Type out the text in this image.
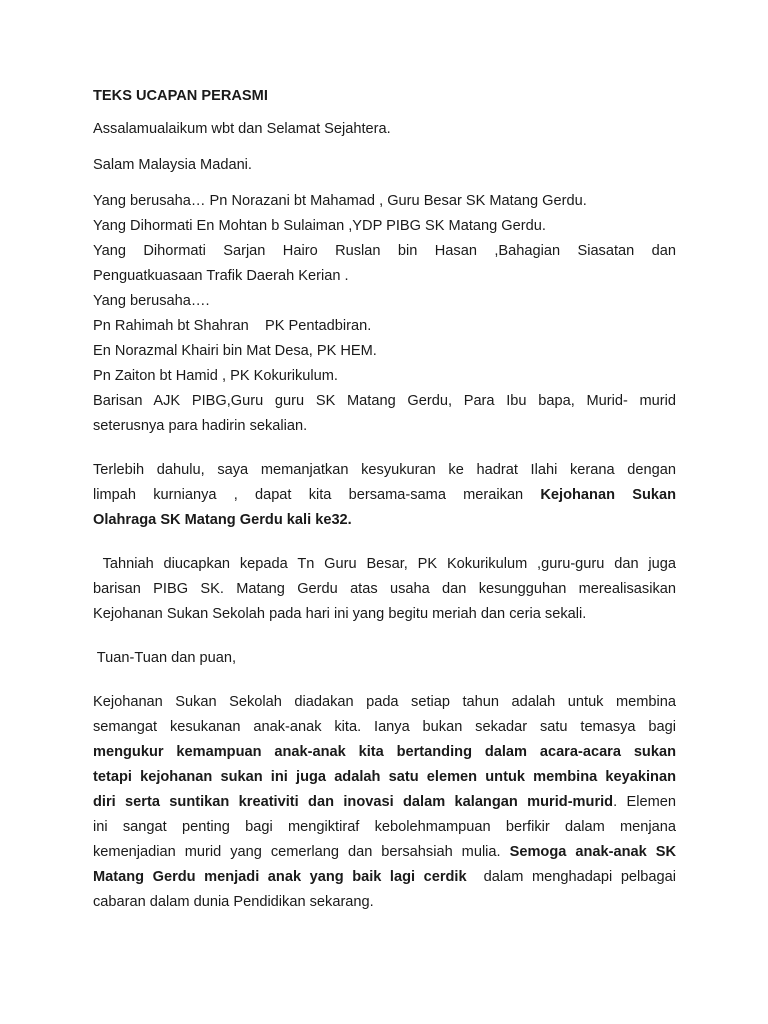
TEKS UCAPAN PERASMI
Assalamualaikum wbt dan Selamat Sejahtera.
Salam Malaysia Madani.
Yang berusaha… Pn Norazani bt Mahamad , Guru Besar SK Matang Gerdu.
Yang Dihormati En Mohtan b Sulaiman ,YDP PIBG SK Matang Gerdu.
Yang Dihormati Sarjan Hairo Ruslan bin Hasan ,Bahagian Siasatan dan
Penguatkuasaan Trafik Daerah Kerian .
Yang berusaha….
Pn Rahimah bt Shahran    PK Pentadbiran.
En Norazmal Khairi bin Mat Desa, PK HEM.
Pn Zaiton bt Hamid , PK Kokurikulum.
Barisan AJK PIBG,Guru guru SK Matang Gerdu, Para Ibu bapa, Murid- murid
seterusnya para hadirin sekalian.
Terlebih dahulu, saya memanjatkan kesyukuran ke hadrat Ilahi kerana dengan
limpah kurnianya , dapat kita bersama-sama meraikan Kejohanan Sukan
Olahraga SK Matang Gerdu kali ke32.
Tahniah diucapkan kepada Tn Guru Besar, PK Kokurikulum ,guru-guru dan juga
barisan PIBG SK. Matang Gerdu atas usaha dan kesungguhan merealisasikan
Kejohanan Sukan Sekolah pada hari ini yang begitu meriah dan ceria sekali.
Tuan-Tuan dan puan,
Kejohanan Sukan Sekolah diadakan pada setiap tahun adalah untuk membina
semangat kesukanan anak-anak kita. Ianya bukan sekadar satu temasya bagi
mengukur kemampuan anak-anak kita bertanding dalam acara-acara sukan
tetapi kejohanan sukan ini juga adalah satu elemen untuk membina keyakinan
diri serta suntikan kreativiti dan inovasi dalam kalangan murid-murid. Elemen
ini sangat penting bagi mengiktiraf kebolehmampuan berfikir dalam menjana
kemenjadian murid yang cemerlang dan bersahsiah mulia. Semoga anak-anak SK
Matang Gerdu menjadi anak yang baik lagi cerdik  dalam menghadapi pelbagai
cabaran dalam dunia Pendidikan sekarang.
